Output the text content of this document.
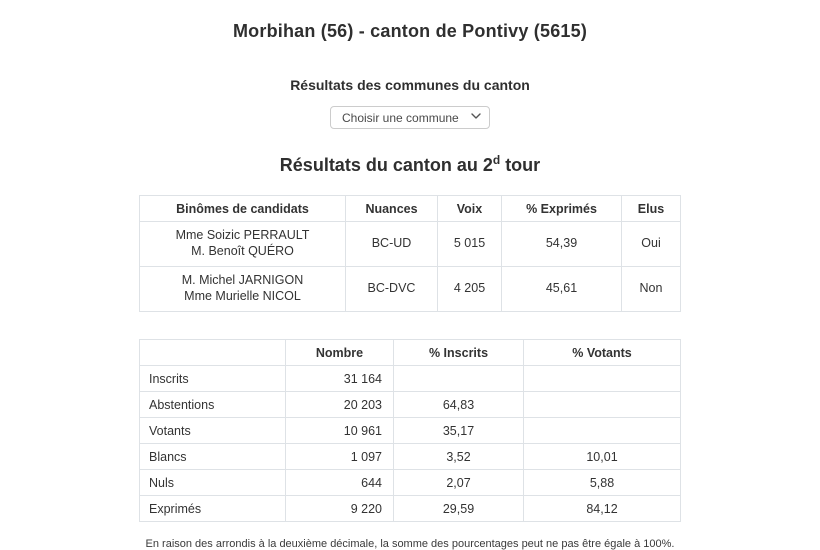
Morbihan (56) - canton de Pontivy (5615)
Résultats des communes du canton
Choisir une commune
Résultats du canton au 2$^d$ tour
Binômes de candidats	Nuances	Voix	% Exprimés	Elus

Mme Soizic PERRAULT
M. Benoît QUÉRO	BC-UD	5 015	54,39	Oui

M. Michel JARNIGON
Mme Murielle NICOL	BC-DVC	4 205	45,61	Non
	Nombre	% Inscrits	% Votants
Inscrits	31 164		
Abstentions	20 203	64,83	
Votants	10 961	35,17	
Blancs	1 097	3,52	10,01
Nuls	644	2,07	5,88
Exprimés	9 220	29,59	84,12

En raison des arrondis à la deuxième décimale, la somme des pourcentages peut ne pas être égale à 100%.
